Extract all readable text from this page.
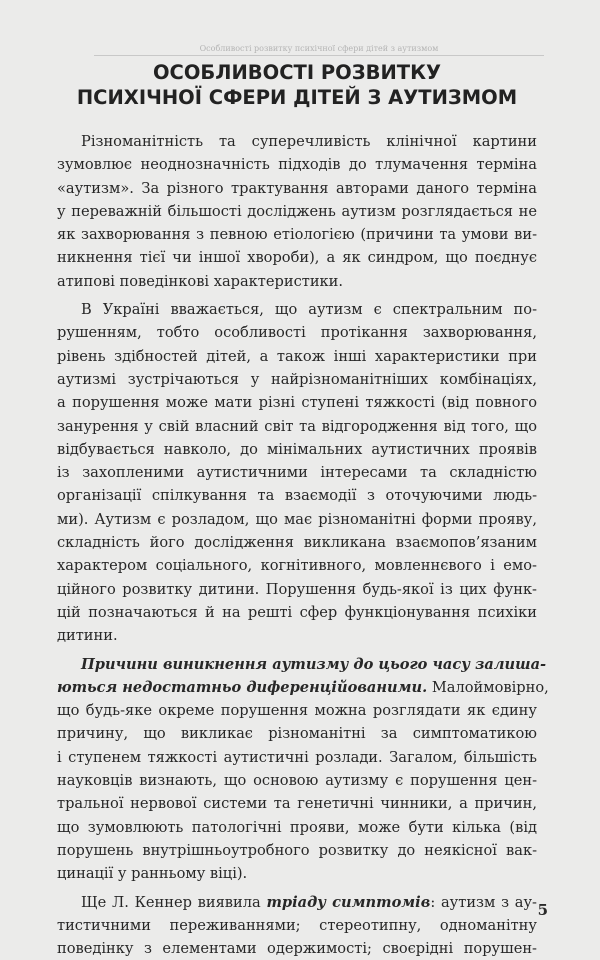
Особливості розвитку психічної сфери дітей з аутизмом
ОСОБЛИВОСТІ РОЗВИТКУ
ПСИХІЧНОЇ СФЕРИ ДІТЕЙ З АУТИЗМОМ
Різноманітність та суперечливість клінічної картини
зумовлює неоднозначність підходів до тлумачення терміна
«аутизм». За різного трактування авторами даного терміна
у переважній більшості досліджень аутизм розглядається не
як захворювання з певною етіологією (причини та умови ви-
никнення тієї чи іншої хвороби), а як синдром, що поєднує
атипові поведінкові характеристики.
В Україні вважається, що аутизм є спектральним по-
рушенням, тобто особливості протікання захворювання,
рівень здібностей дітей, а також інші характеристики при
аутизмі зустрічаються у найрізноманітніших комбінаціях,
а порушення може мати різні ступені тяжкості (від повного
занурення у свій власний світ та відгородження від того, що
відбувається навколо, до мінімальних аутистичних проявів
із захопленими аутистичними інтересами та складністю
організації спілкування та взаємодії з оточуючими людь-
ми). Аутизм є розладом, що має різноманітні форми прояву,
складність його дослідження викликана взаємопов’язаним
характером соціального, когнітивного, мовленнєвого і емо-
ційного розвитку дитини. Порушення будь-якої із цих функ-
цій позначаються й на решті сфер функціонування психіки
дитини.
Причини виникнення аутизму до цього часу залиша-
ються недостатньо диференційованими. Малоймовірно,
що будь-яке окреме порушення можна розглядати як єдину
причину, що викликає різноманітні за симптоматикою
і ступенем тяжкості аутистичні розлади. Загалом, більшість
науковців визнають, що основою аутизму є порушення цен-
тральної нервової системи та генетичні чинники, а причин,
що зумовлюють патологічні прояви, може бути кілька (від
порушень внутрішньоутробного розвитку до неякісної вак-
цинації у ранньому віці).
Ще Л. Кеннер виявила тріаду симптомів: аутизм з ау-
тистичними переживаннями; стереотипну, одноманітну
поведінку з елементами одержимості; своєрідні порушен-
5
